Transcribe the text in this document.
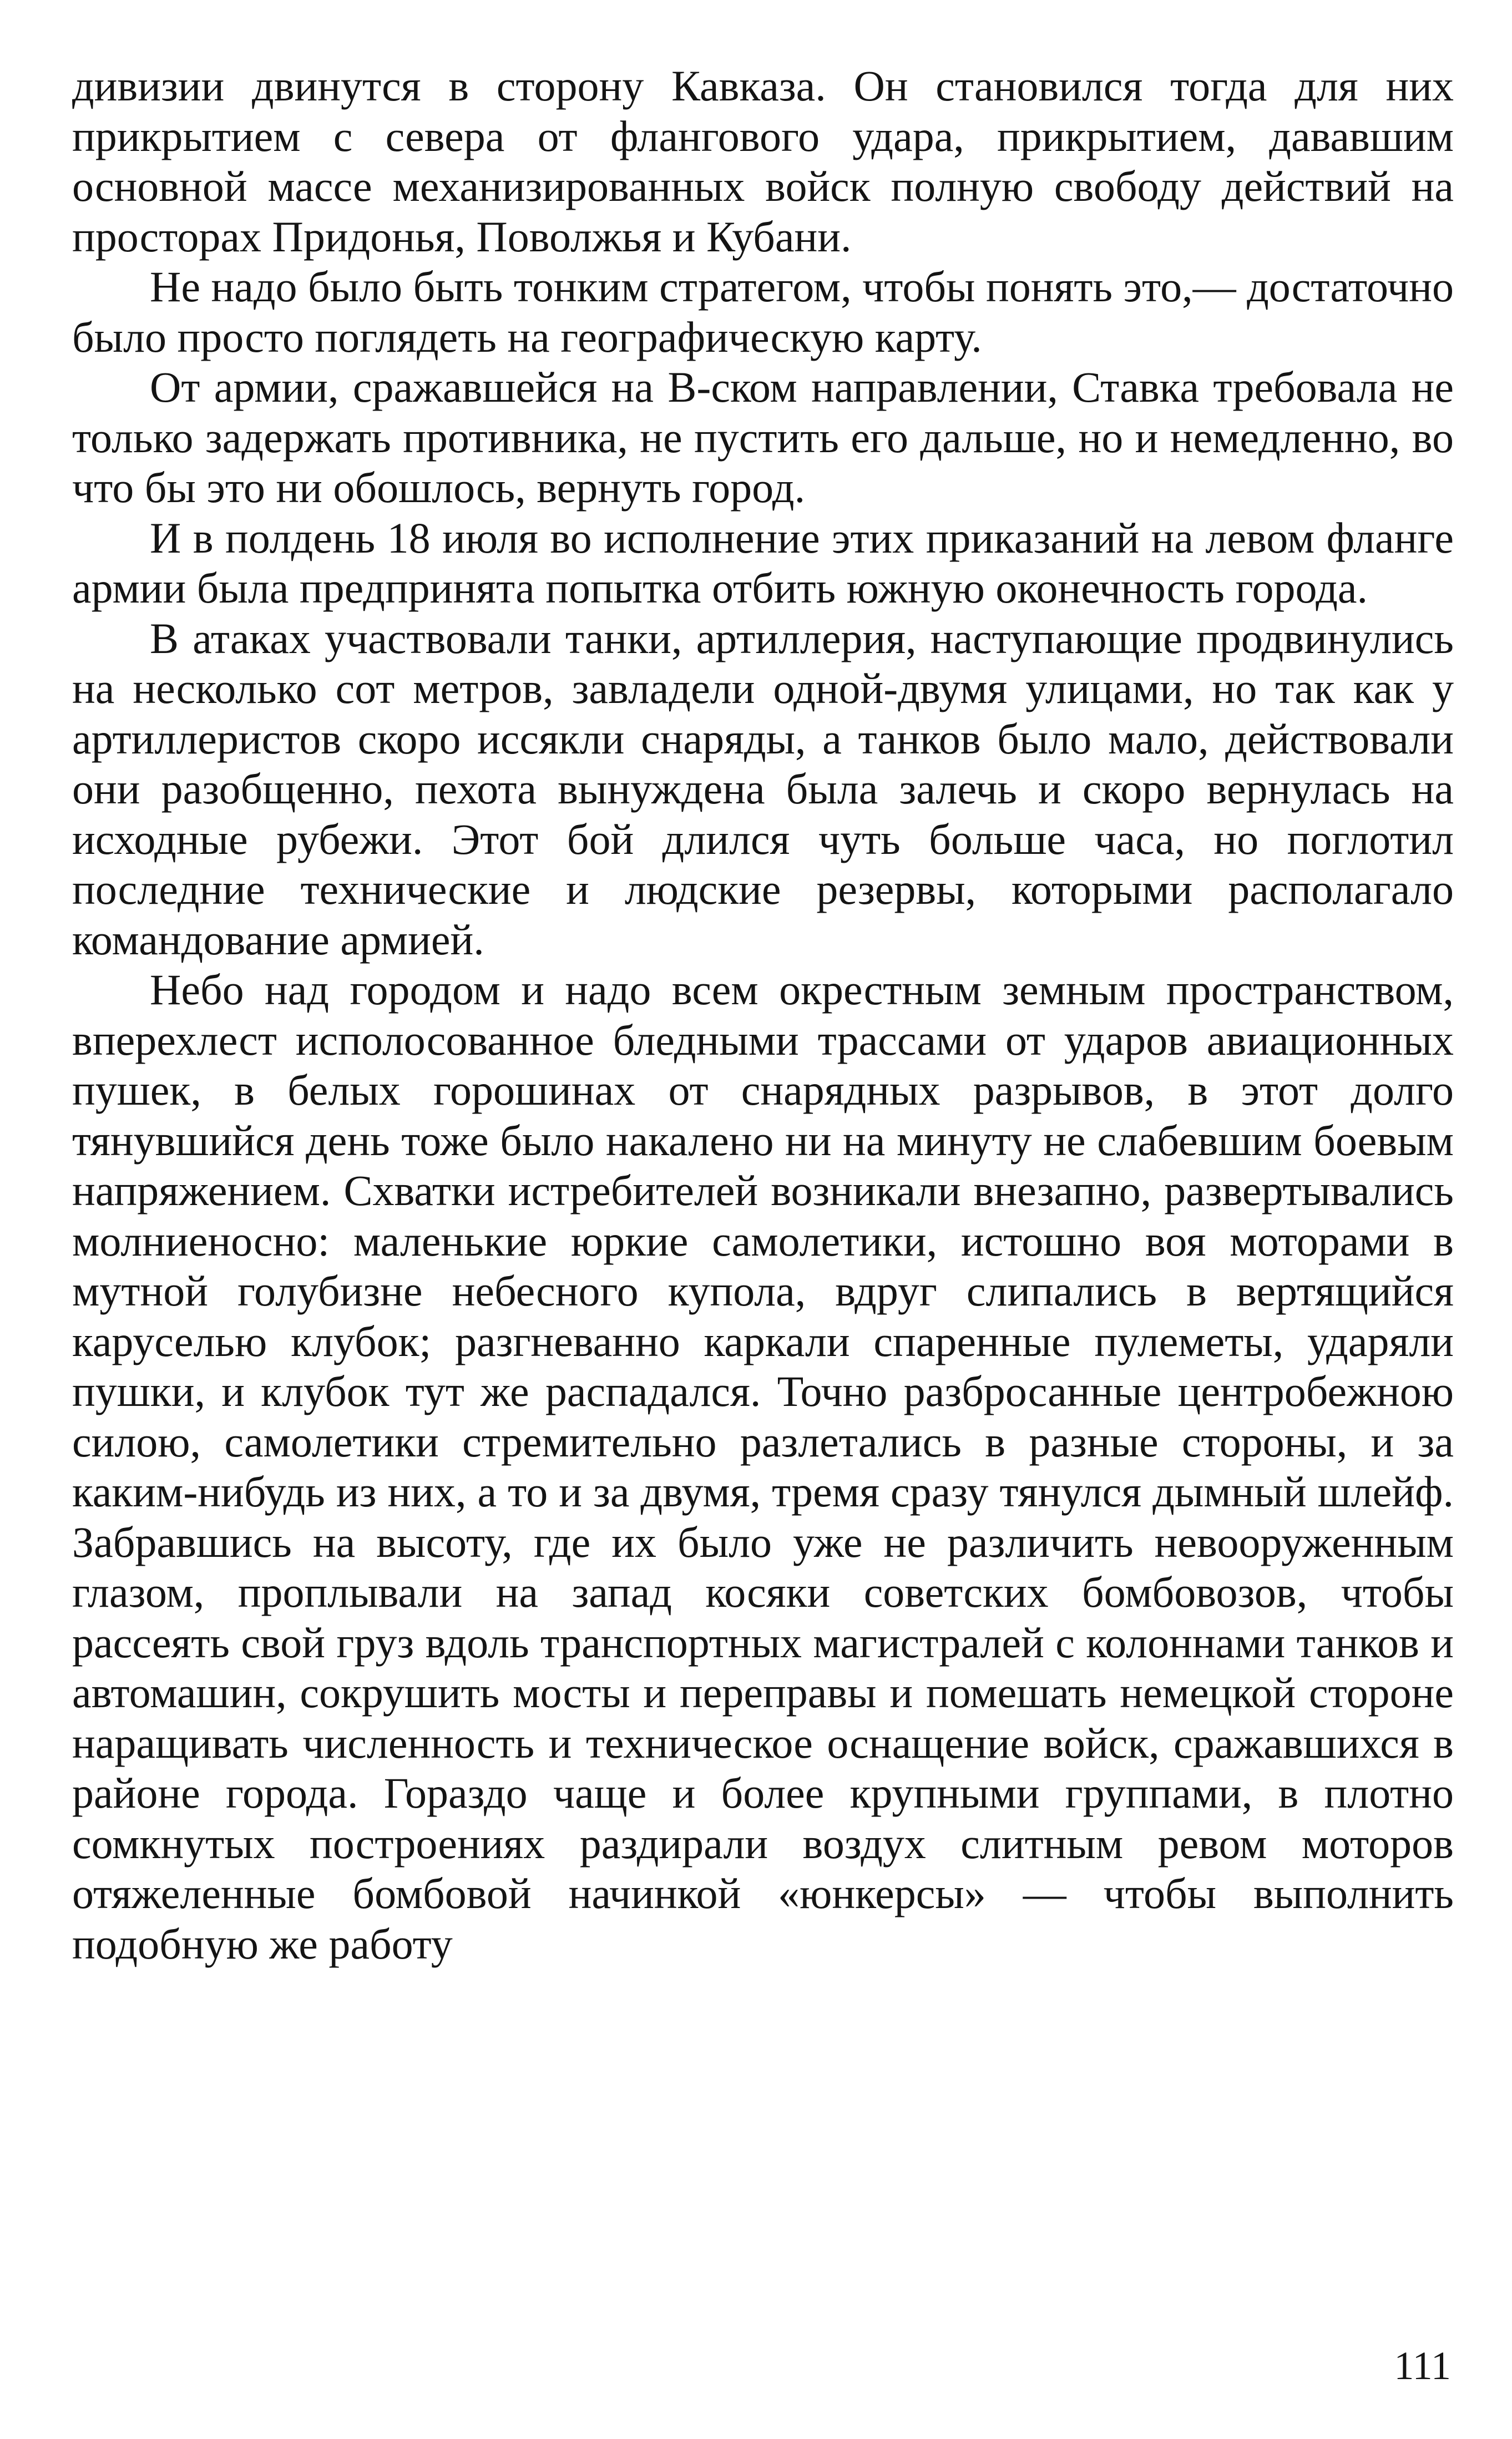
дивизии двинутся в сторону Кавказа. Он становился тогда для них прикрытием с севера от флангового удара, прикрытием, дававшим основной массе механизированных войск полную свободу действий на просторах Придонья, Поволжья и Кубани.

Не надо было быть тонким стратегом, чтобы понять это,— достаточно было просто поглядеть на географическую карту.

От армии, сражавшейся на В-ском направлении, Ставка требовала не только задержать противника, не пустить его дальше, но и немедленно, во что бы это ни обошлось, вернуть город.

И в полдень 18 июля во исполнение этих приказаний на левом фланге армии была предпринята попытка отбить южную оконечность города.

В атаках участвовали танки, артиллерия, наступающие продвинулись на несколько сот метров, завладели одной-двумя улицами, но так как у артиллеристов скоро иссякли снаряды, а танков было мало, действовали они разобщенно, пехота вынуждена была залечь и скоро вернулась на исходные рубежи. Этот бой длился чуть больше часа, но поглотил последние технические и людские резервы, которыми располагало командование армией.

Небо над городом и надо всем окрестным земным пространством, вперехлест исполосованное бледными трассами от ударов авиационных пушек, в белых горошинах от снарядных разрывов, в этот долго тянувшийся день тоже было накалено ни на минуту не слабевшим боевым напряжением. Схватки истребителей возникали внезапно, развертывались молниеносно: маленькие юркие самолетики, истошно воя моторами в мутной голубизне небесного купола, вдруг слипались в вертящийся каруселью клубок; разгневанно каркали спаренные пулеметы, ударяли пушки, и клубок тут же распадался. Точно разбросанные центробежною силою, самолетики стремительно разлетались в разные стороны, и за каким-нибудь из них, а то и за двумя, тремя сразу тянулся дымный шлейф. Забравшись на высоту, где их было уже не различить невооруженным глазом, проплывали на запад косяки советских бомбовозов, чтобы рассеять свой груз вдоль транспортных магистралей с колоннами танков и автомашин, сокрушить мосты и переправы и помешать немецкой стороне наращивать численность и техническое оснащение войск, сражавшихся в районе города. Гораздо чаще и более крупными группами, в плотно сомкнутых построениях раздирали воздух слитным ревом моторов отяжеленные бомбовой начинкой «юнкерсы» — чтобы выполнить подобную же работу

111
